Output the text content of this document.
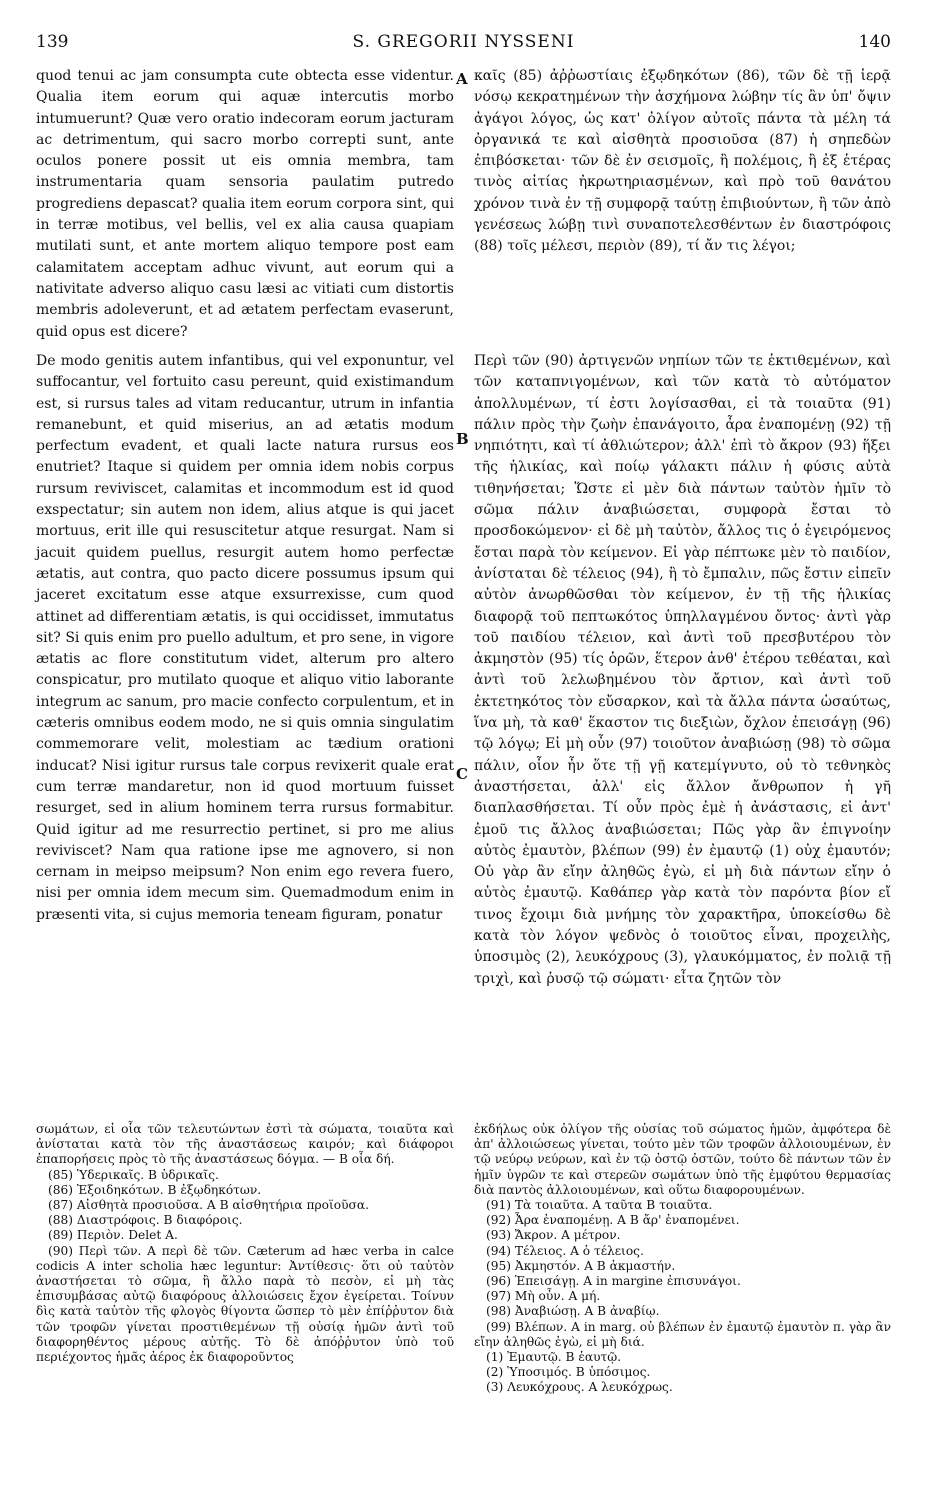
139	S. GREGORII NYSSENI	140
quod tenui ac jam consumpta cute obtecta esse videntur. Qualia item eorum qui aquæ intercutis morbo intumuerunt? Quæ vero oratio indecoram eorum jacturam ac detrimentum, qui sacro morbo correpti sunt, ante oculos ponere possit ut eis omnia membra, tam instrumentaria quam sensoria paulatim putredo progrediens depascat? qualia item eorum corpora sint, qui in terræ motibus, vel bellis, vel ex alia causa quapiam mutilati sunt, et ante mortem aliquo tempore post eam calamitatem acceptam adhuc vivunt, aut eorum qui a nativitate adverso aliquo casu læsi ac vitiati cum distortis membris adoleverunt, et ad ætatem perfectam evaserunt, quid opus est dicere?
καῖς (85) ἀῤῥωστίαις ἐξῳδηκότων (86), τῶν δὲ τῇ ἱερᾷ νόσῳ κεκρατημένων τὴν ἀσχήμονα λώβην τίς ἂν ὑπ' ὄψιν ἀγάγοι λόγος, ὡς κατ' ὀλίγον αὐτοῖς πάντα τὰ μέλη τά ὀργανικά τε καὶ αἰσθητὰ προσιοῦσα (87) ἡ σηπεδὼν ἐπιβόσκεται· τῶν δὲ ἐν σεισμοῖς, ἢ πολέμοις, ἢ ἐξ ἑτέρας τινὸς αἰτίας ἠκρωτηριασμένων, καὶ πρὸ τοῦ θανάτου χρόνον τινὰ ἐν τῇ συμφορᾷ ταύτῃ ἐπιβιούντων, ἢ τῶν ἀπὸ γενέσεως λώβῃ τινὶ συναποτελεσθέντων ἐν διαστρόφοις (88) τοῖς μέλεσι, περιὸν (89), τί ἄν τις λέγοι;
A
B
C
De modo genitis autem infantibus, qui vel exponuntur, vel suffocantur, vel fortuito casu pereunt, quid existimandum est, si rursus tales ad vitam reducantur, utrum in infantia remanebunt, et quid miserius, an ad ætatis modum perfectum evadent, et quali lacte natura rursus eos enutriet? Itaque si quidem per omnia idem nobis corpus rursum reviviscet, calamitas et incommodum est id quod exspectatur; sin autem non idem, alius atque is qui jacet mortuus, erit ille qui resuscitetur atque resurgat. Nam si jacuit quidem puellus, resurgit autem homo perfectæ ætatis, aut contra, quo pacto dicere possumus ipsum qui jaceret excitatum esse atque exsurrexisse, cum quod attinet ad differentiam ætatis, is qui occidisset, immutatus sit? Si quis enim pro puello adultum, et pro sene, in vigore ætatis ac flore constitutum videt, alterum pro altero conspicatur, pro mutilato quoque et aliquo vitio laborante integrum ac sanum, pro macie confecto corpulentum, et in cæteris omnibus eodem modo, ne si quis omnia singulatim commemorare velit, molestiam ac tædium orationi inducat? Nisi igitur rursus tale corpus revixerit quale erat cum terræ mandaretur, non id quod mortuum fuisset resurget, sed in alium hominem terra rursus formabitur. Quid igitur ad me resurrectio pertinet, si pro me alius reviviscet? Nam qua ratione ipse me agnovero, si non cernam in meipso meipsum? Non enim ego revera fuero, nisi per omnia idem mecum sim. Quemadmodum enim in præsenti vita, si cujus memoria teneam figuram, ponatur
Περὶ τῶν (90) ἀρτιγενῶν νηπίων τῶν τε ἐκτιθεμένων, καὶ τῶν καταπνιγομένων, καὶ τῶν κατὰ τὸ αὐτόματον ἀπολλυμένων, τί ἐστι λογίσασθαι, εἰ τὰ τοιαῦτα (91) πάλιν πρὸς τὴν ζωὴν ἐπανάγοιτο, ἆρα ἐναπομένῃ (92) τῇ νηπιότητι, καὶ τί ἀθλιώτερον; ἀλλ' ἐπὶ τὸ ἄκρον (93) ἥξει τῆς ἡλικίας, καὶ ποίῳ γάλακτι πάλιν ἡ φύσις αὐτὰ τιθηνήσεται; Ὥστε εἰ μὲν διὰ πάντων ταὐτὸν ἡμῖν τὸ σῶμα πάλιν ἀναβιώσεται, συμφορὰ ἔσται τὸ προσδοκώμενον· εἰ δὲ μὴ ταὐτὸν, ἄλλος τις ὁ ἐγειρόμενος ἔσται παρὰ τὸν κείμενον. Εἰ γὰρ πέπτωκε μὲν τὸ παιδίον, ἀνίσταται δὲ τέλειος (94), ἢ τὸ ἔμπαλιν, πῶς ἔστιν εἰπεῖν αὐτὸν ἀνωρθῶσθαι τὸν κείμενον, ἐν τῇ τῆς ἡλικίας διαφορᾷ τοῦ πεπτωκότος ὑπηλλαγμένου ὄντος· ἀντὶ γὰρ τοῦ παιδίου τέλειον, καὶ ἀντὶ τοῦ πρεσβυτέρου τὸν ἀκμηστὸν (95) τίς ὁρῶν, ἕτερον ἀνθ' ἑτέρου τεθέαται, καὶ ἀντὶ τοῦ λελωβημένου τὸν ἄρτιον, καὶ ἀντὶ τοῦ ἐκτετηκότος τὸν εὔσαρκον, καὶ τὰ ἄλλα πάντα ὡσαύτως, ἵνα μὴ, τὰ καθ' ἕκαστον τις διεξιὼν, ὄχλον ἐπεισάγῃ (96) τῷ λόγῳ; Εἰ μὴ οὖν (97) τοιοῦτον ἀναβιώσῃ (98) τὸ σῶμα πάλιν, οἷον ἦν ὅτε τῇ γῇ κατεμίγνυτο, οὐ τὸ τεθνηκὸς ἀναστήσεται, ἀλλ' εἰς ἄλλον ἄνθρωπον ἡ γῆ διαπλασθήσεται. Τί οὖν πρὸς ἐμὲ ἡ ἀνάστασις, εἰ ἀντ' ἐμοῦ τις ἄλλος ἀναβιώσεται; Πῶς γὰρ ἂν ἐπιγνοίην αὐτὸς ἐμαυτὸν, βλέπων (99) ἐν ἐμαυτῷ (1) οὐχ ἐμαυτόν; Οὐ γὰρ ἂν εἴην ἀληθῶς ἐγὼ, εἰ μὴ διὰ πάντων εἴην ὁ αὐτὸς ἐμαυτῷ. Καθάπερ γὰρ κατὰ τὸν παρόντα βίον εἴ τινος ἔχοιμι διὰ μνήμης τὸν χαρακτῆρα, ὑποκείσθω δὲ κατὰ τὸν λόγον ψεδνὸς ὁ τοιοῦτος εἶναι, προχειλὴς, ὑποσιμὸς (2), λευκόχρους (3), γλαυκόμματος, ἐν πολιᾷ τῇ τριχὶ, καὶ ῥυσῷ τῷ σώματι· εἶτα ζητῶν τὸν

σωμάτων, εἰ οἷα τῶν τελευτώντων ἐστὶ τὰ σώματα, τοιαῦτα καὶ ἀνίσταται κατὰ τὸν τῆς ἀναστάσεως καιρόν; καὶ διάφοροι ἐπαπορήσεις πρὸς τὸ τῆς ἀναστάσεως δόγμα. — B οἷα δή.

(85) Ὑδερικαῖς. B ὑδρικαῖς.

(86) Ἐξοιδηκότων. B ἐξῳδηκότων.

(87) Αἰσθητὰ προσιοῦσα. A B αἰσθητήρια προϊοῦσα.

(88) Διαστρόφοις. B διαφόροις.

(89) Περιὸν. Delet A.

(90) Περὶ τῶν. A περὶ δὲ τῶν. Cæterum ad hæc verba in calce codicis A inter scholia hæc leguntur: Ἀντίθεσις· ὅτι οὐ ταὐτὸν ἀναστήσεται τὸ σῶμα, ἢ ἄλλο παρὰ τὸ πεσὸν, εἰ μὴ τὰς ἐπισυμβάσας αὐτῷ διαφόρους ἀλλοιώσεις ἔχον ἐγείρεται. Τοίνυν δὶς κατὰ ταὐτὸν τῆς φλογὸς θίγοντα ὥσπερ τὸ μὲν ἐπίῤῥυτον διὰ τῶν τροφῶν γίνεται προστιθεμένων τῇ οὐσίᾳ ἡμῶν ἀντὶ τοῦ διαφορηθέντος μέρους αὐτῆς. Τὸ δὲ ἀπόῤῥυτον ὑπὸ τοῦ περιέχοντος ἡμᾶς ἀέρος ἐκ διαφοροῦντος

ἐκδήλως οὐκ ὀλίγον τῆς οὐσίας τοῦ σώματος ἡμῶν, ἀμφότερα δὲ ἀπ' ἀλλοιώσεως γίνεται, τούτο μὲν τῶν τροφῶν ἀλλοιουμένων, ἐν τῷ νεύρῳ νεύρων, καὶ ἐν τῷ ὀστῷ ὀστῶν, τούτο δὲ πάντων τῶν ἐν ἡμῖν ὑγρῶν τε καὶ στερεῶν σωμάτων ὑπὸ τῆς ἐμφύτου θερμασίας διὰ παντὸς ἀλλοιουμένων, καὶ οὕτω διαφορουμένων.

(91) Τὰ τοιαῦτα. A ταῦτα B τοιαῦτα.

(92) Ἆρα ἐναπομένῃ. A B ἄρ' ἐναπομένει.

(93) Ἄκρον. A μέτρον.

(94) Τέλειος. A ὁ τέλειος.

(95) Ἀκμηστόν. A B ἀκμαστήν.

(96) Ἐπεισάγῃ. A in margine ἐπισυνάγοι.

(97) Μὴ οὖν. A μή.

(98) Ἀναβιώσῃ. A B ἀναβίῳ.

(99) Βλέπων. A in marg. οὐ βλέπων ἐν ἐμαυτῷ ἐμαυτὸν π. γὰρ ἂν εἴην ἀληθῶς ἐγὼ, εἰ μὴ διά.

(1) Ἐμαυτῷ. B ἑαυτῷ.

(2) Ὑποσιμός. B ὑπόσιμος.

(3) Λευκόχρους. A λευκόχρως.
